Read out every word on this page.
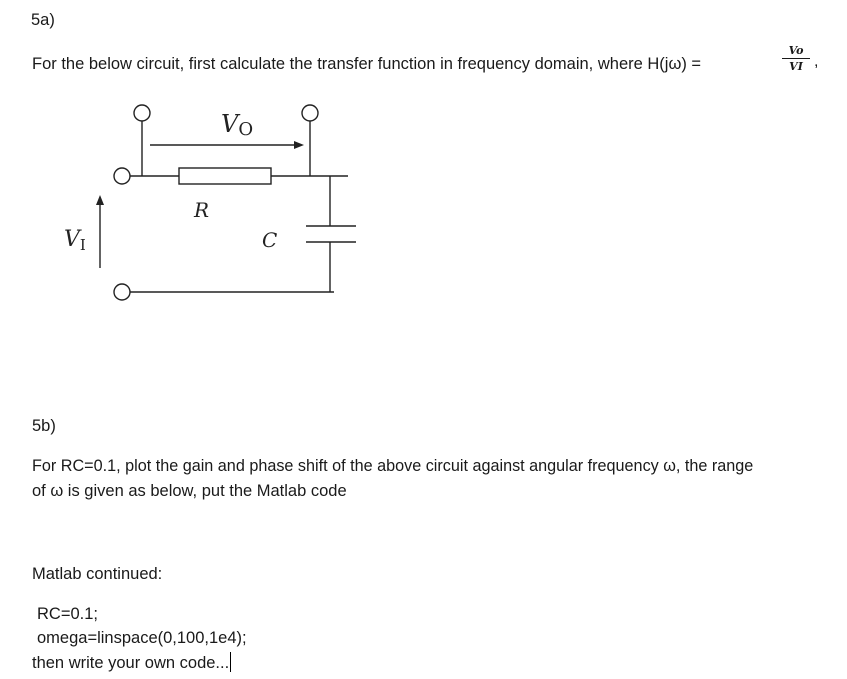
5a)
For the below circuit, first calculate the transfer function in frequency domain, where H(jω) =	$\frac{Vo}{VI}$ ,
VO
VI
R
C
5b)
For RC=0.1, plot the gain and phase shift of the above circuit against angular frequency ω, the range
of ω is given as below, put the Matlab code
Matlab continued:
RC=0.1;
omega=linspace(0,100,1e4);
then write your own code...
